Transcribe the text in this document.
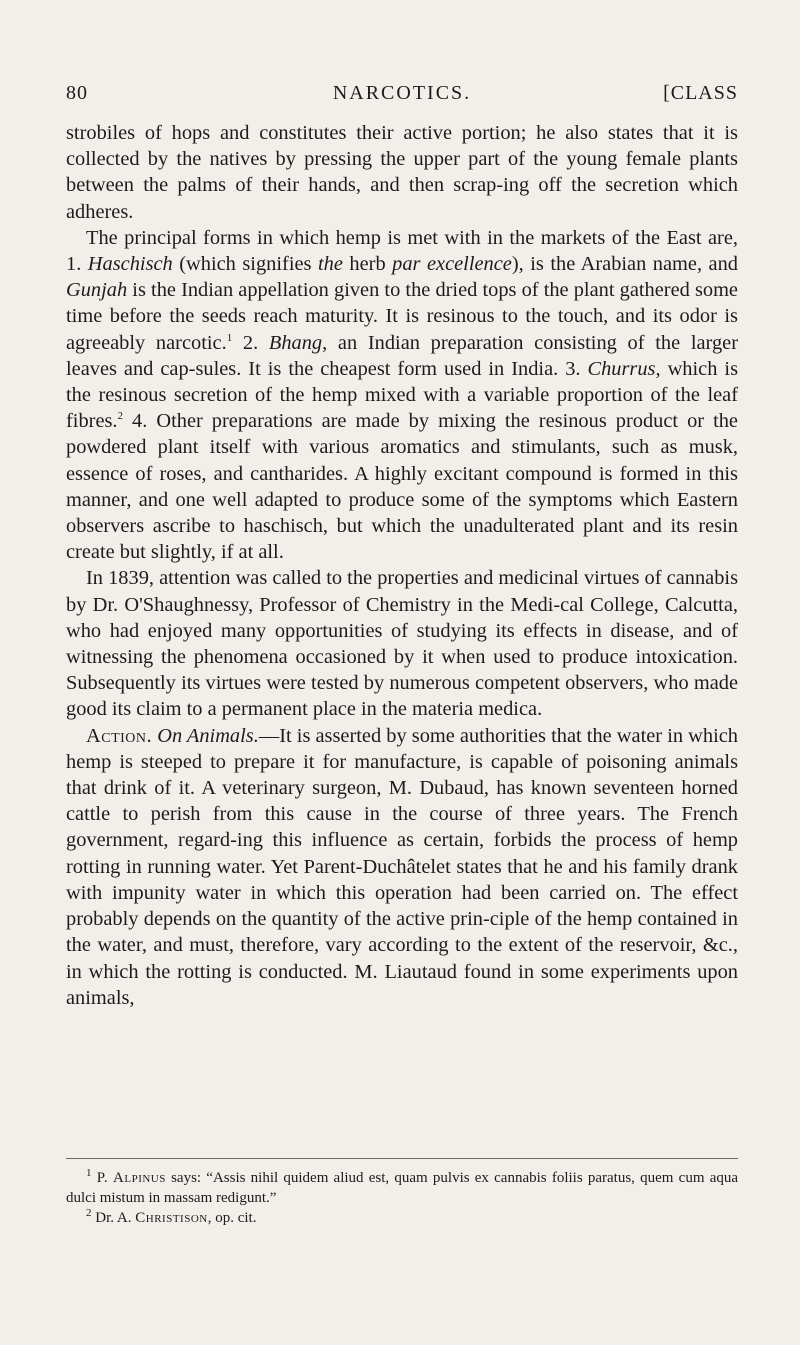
80	NARCOTICS.	[CLASS

strobiles of hops and constitutes their active portion; he also states that it is collected by the natives by pressing the upper part of the young female plants between the palms of their hands, and then scrap-ing off the secretion which adheres.

The principal forms in which hemp is met with in the markets of the East are, 1. Haschisch (which signifies the herb par excellence), is the Arabian name, and Gunjah is the Indian appellation given to the dried tops of the plant gathered some time before the seeds reach maturity. It is resinous to the touch, and its odor is agreeably narcotic.$^1$ 2. Bhang, an Indian preparation consisting of the larger leaves and cap-sules. It is the cheapest form used in India. 3. Churrus, which is the resinous secretion of the hemp mixed with a variable proportion of the leaf fibres.$^2$ 4. Other preparations are made by mixing the resinous product or the powdered plant itself with various aromatics and stimulants, such as musk, essence of roses, and cantharides. A highly excitant compound is formed in this manner, and one well adapted to produce some of the symptoms which Eastern observers ascribe to haschisch, but which the unadulterated plant and its resin create but slightly, if at all.

In 1839, attention was called to the properties and medicinal virtues of cannabis by Dr. O'Shaughnessy, Professor of Chemistry in the Medi-cal College, Calcutta, who had enjoyed many opportunities of studying its effects in disease, and of witnessing the phenomena occasioned by it when used to produce intoxication. Subsequently its virtues were tested by numerous competent observers, who made good its claim to a permanent place in the materia medica.

Action. On Animals.—It is asserted by some authorities that the water in which hemp is steeped to prepare it for manufacture, is capable of poisoning animals that drink of it. A veterinary surgeon, M. Dubaud, has known seventeen horned cattle to perish from this cause in the course of three years. The French government, regard-ing this influence as certain, forbids the process of hemp rotting in running water. Yet Parent-Duchâtelet states that he and his family drank with impunity water in which this operation had been carried on. The effect probably depends on the quantity of the active prin-ciple of the hemp contained in the water, and must, therefore, vary according to the extent of the reservoir, &c., in which the rotting is conducted. M. Liautaud found in some experiments upon animals,

$^1$ P. Alpinus says: “Assis nihil quidem aliud est, quam pulvis ex cannabis foliis paratus, quem cum aqua dulci mistum in massam redigunt.”

$^2$ Dr. A. Christison, op. cit.
